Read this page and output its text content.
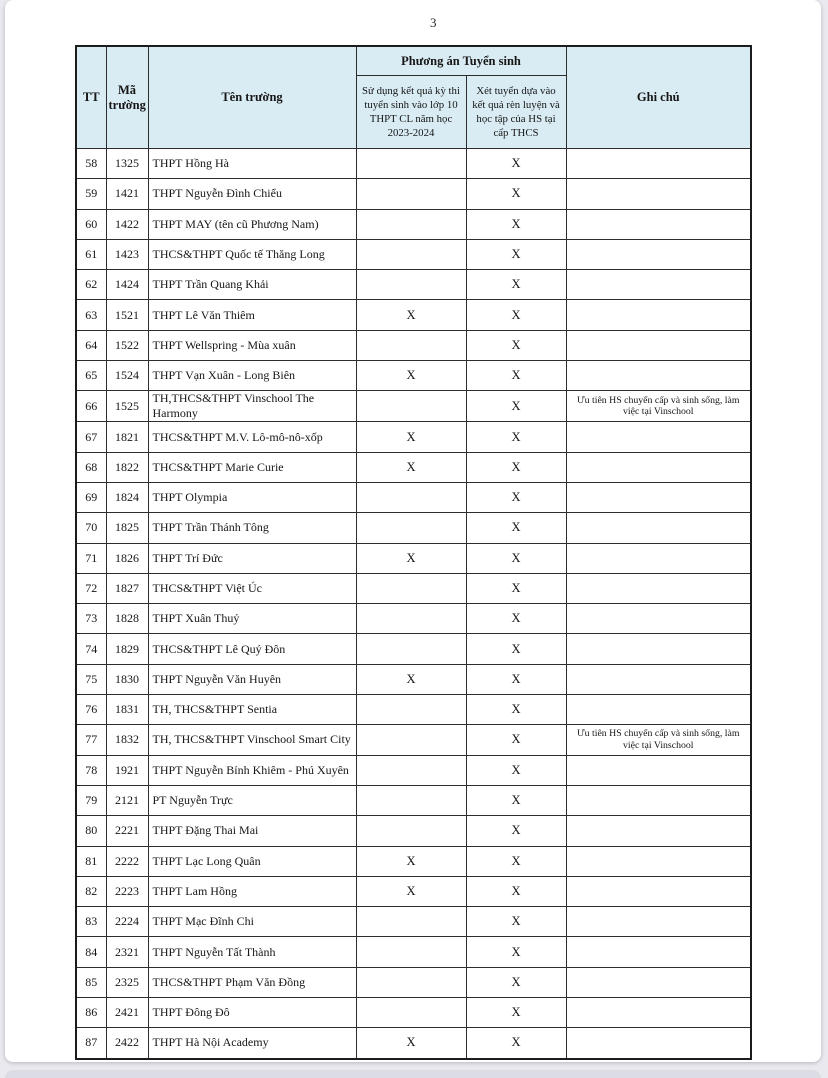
3
TT	Mã trường	Tên trường	Phương án Tuyển sinh		Ghi chú
			Sử dụng kết quả kỳ thi tuyển sinh vào lớp 10 THPT CL năm học 2023-2024	Xét tuyển dựa vào kết quả rèn luyện và học tập của HS tại cấp THCS	
58	1325	THPT Hồng Hà		X	
59	1421	THPT Nguyễn Đình Chiểu		X	
60	1422	THPT MAY (tên cũ Phương Nam)		X	
61	1423	THCS&THPT Quốc tế Thăng Long		X	
62	1424	THPT Trần Quang Khải		X	
63	1521	THPT Lê Văn Thiêm	X	X	
64	1522	THPT Wellspring - Mùa xuân		X	
65	1524	THPT Vạn Xuân - Long Biên	X	X	
66	1525	TH,THCS&THPT Vinschool The Harmony		X	Ưu tiên HS chuyển cấp và sinh sống, làm việc tại Vinschool
67	1821	THCS&THPT M.V. Lô-mô-nô-xốp	X	X	
68	1822	THCS&THPT Marie Curie	X	X	
69	1824	THPT Olympia		X	
70	1825	THPT Trần Thánh Tông		X	
71	1826	THPT Trí Đức	X	X	
72	1827	THCS&THPT Việt Úc		X	
73	1828	THPT Xuân Thuỷ		X	
74	1829	THCS&THPT Lê Quý Đôn		X	
75	1830	THPT Nguyễn Văn Huyên	X	X	
76	1831	TH, THCS&THPT Sentia		X	
77	1832	TH, THCS&THPT Vinschool Smart City		X	Ưu tiên HS chuyển cấp và sinh sống, làm việc tại Vinschool
78	1921	THPT Nguyễn Bỉnh Khiêm - Phú Xuyên		X	
79	2121	PT Nguyễn Trực		X	
80	2221	THPT Đặng Thai Mai		X	
81	2222	THPT Lạc Long Quân	X	X	
82	2223	THPT Lam Hồng	X	X	
83	2224	THPT Mạc Đĩnh Chi		X	
84	2321	THPT Nguyễn Tất Thành		X	
85	2325	THCS&THPT Phạm Văn Đồng		X	
86	2421	THPT Đông Đô		X	
87	2422	THPT Hà Nội Academy	X	X	
